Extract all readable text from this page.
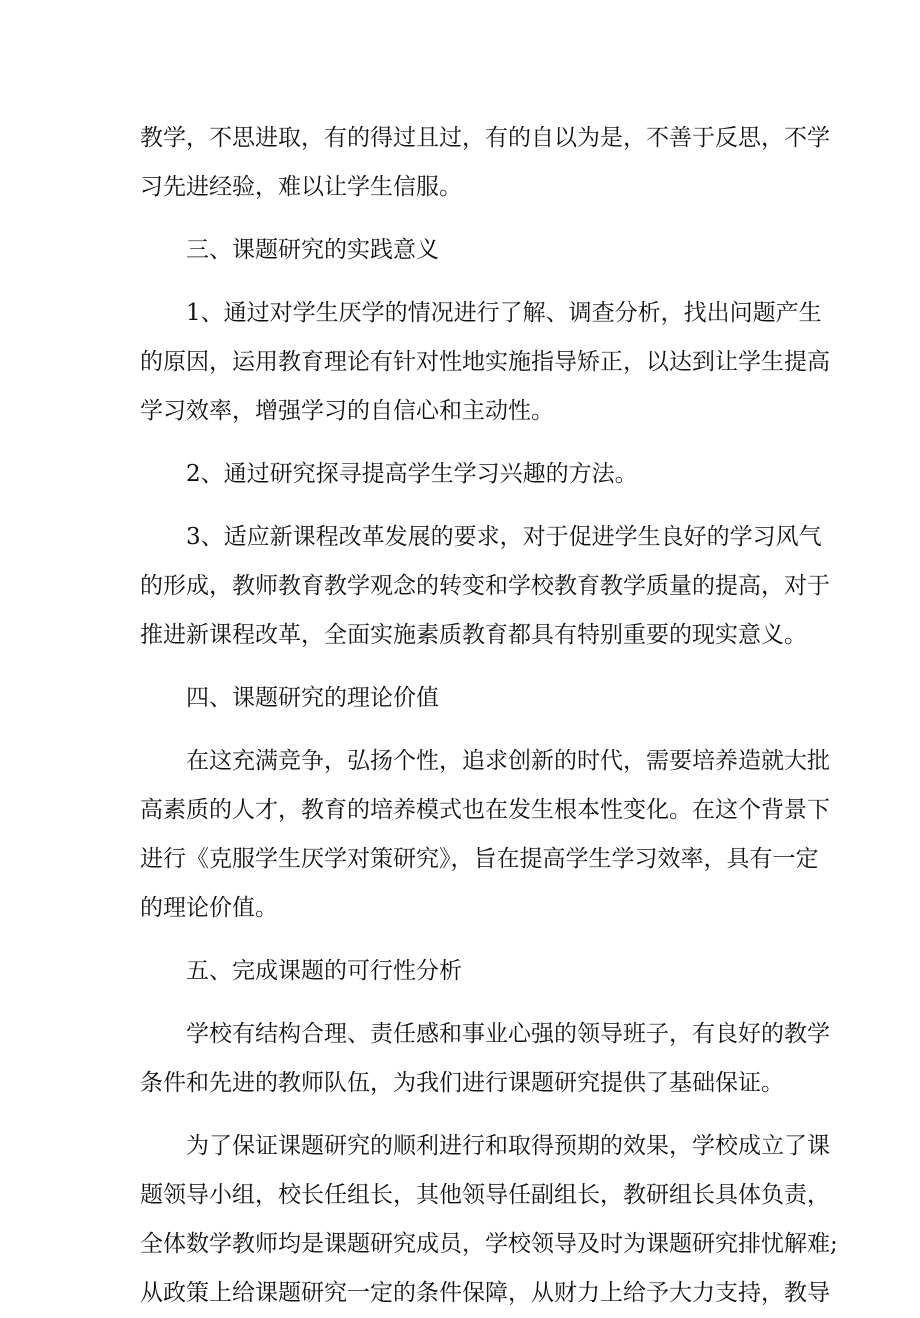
教学，不思进取，有的得过且过，有的自以为是，不善于反思，不学
习先进经验，难以让学生信服。
三、课题研究的实践意义
1、通过对学生厌学的情况进行了解、调查分析，找出问题产生
的原因，运用教育理论有针对性地实施指导矫正，以达到让学生提高
学习效率，增强学习的自信心和主动性。
2、通过研究探寻提高学生学习兴趣的方法。
3、适应新课程改革发展的要求，对于促进学生良好的学习风气
的形成，教师教育教学观念的转变和学校教育教学质量的提高，对于
推进新课程改革，全面实施素质教育都具有特别重要的现实意义。
四、课题研究的理论价值
在这充满竞争，弘扬个性，追求创新的时代，需要培养造就大批
高素质的人才，教育的培养模式也在发生根本性变化。在这个背景下
进行《克服学生厌学对策研究》，旨在提高学生学习效率，具有一定
的理论价值。
五、完成课题的可行性分析
学校有结构合理、责任感和事业心强的领导班子，有良好的教学
条件和先进的教师队伍，为我们进行课题研究提供了基础保证。
为了保证课题研究的顺利进行和取得预期的效果，学校成立了课
题领导小组，校长任组长，其他领导任副组长，教研组长具体负责，
全体数学教师均是课题研究成员，学校领导及时为课题研究排忧解难;
从政策上给课题研究一定的条件保障，从财力上给予大力支持，教导
